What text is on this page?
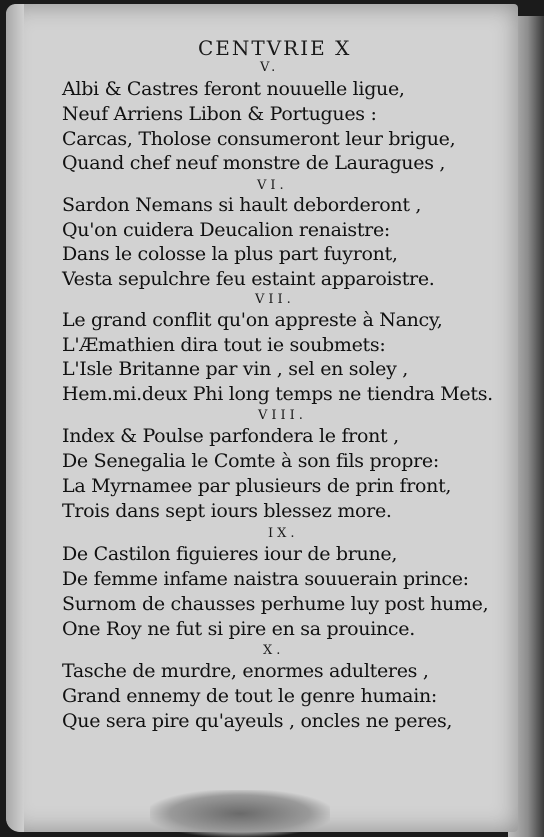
CENTVRIE X
V.
Albi & Castres feront nouuelle ligue,
Neuf Arriens Libon & Portugues :
Carcas, Tholose consumeront leur brigue,
Quand chef neuf monstre de Lauragues ,
VI.
Sardon Nemans si hault deborderont ,
Qu'on cuidera Deucalion renaistre:
Dans le colosse la plus part fuyront,
Vesta sepulchre feu estaint apparoistre.
VII.
Le grand conflit qu'on appreste à Nancy,
L'Æmathien dira tout ie soubmets:
L'Isle Britanne par vin , sel en soley ,
Hem.mi.deux Phi long temps ne tiendra Mets.
VIII.
Index & Poulse parfondera le front ,
De Senegalia le Comte à son fils propre:
La Myrnamee par plusieurs de prin front,
Trois dans sept iours blessez more.
IX.
De Castilon figuieres iour de brune,
De femme infame naistra souuerain prince:
Surnom de chausses perhume luy post hume,
One Roy ne fut si pire en sa prouince.
X.
Tasche de murdre, enormes adulteres ,
Grand ennemy de tout le genre humain:
Que sera pire qu'ayeuls , oncles ne peres,
